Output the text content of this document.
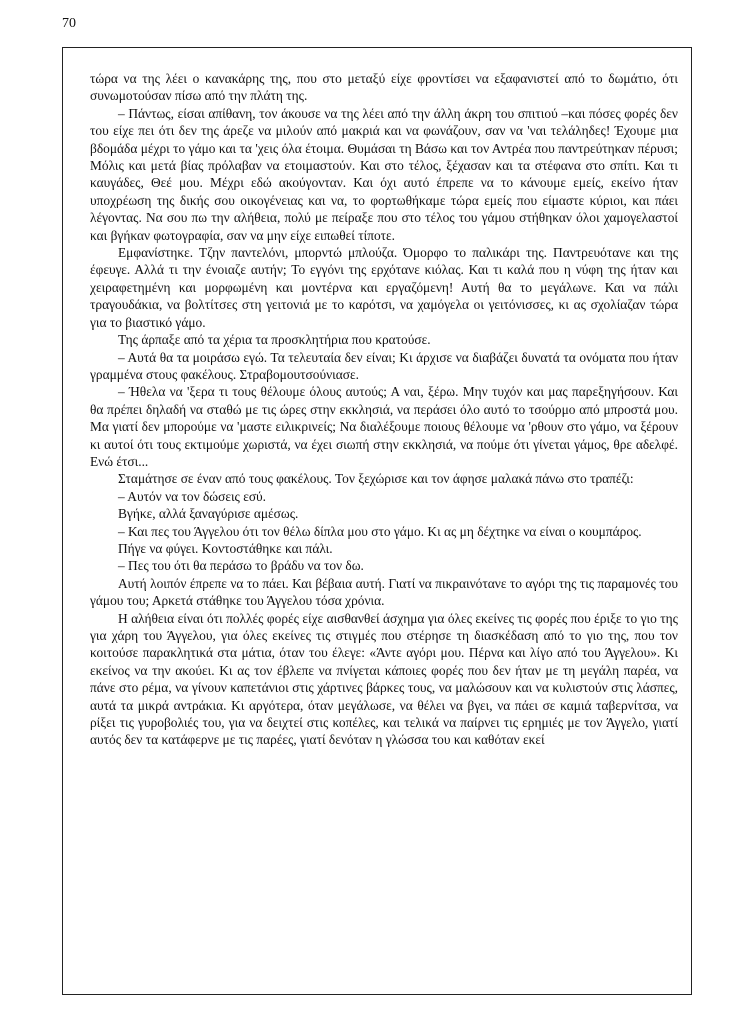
70

τώρα να της λέει ο κανακάρης της, που στο μεταξύ είχε φροντίσει να εξαφανιστεί από το δωμάτιο, ότι συνωμοτούσαν πίσω από την πλάτη της.

– Πάντως, είσαι απίθανη, τον άκουσε να της λέει από την άλλη άκρη του σπιτιού –και πόσες φορές δεν του είχε πει ότι δεν της άρεζε να μιλούν από μακριά και να φωνάζουν, σαν να 'ναι τελάληδες! Έχουμε μια βδομάδα μέχρι το γάμο και τα 'χεις όλα έτοιμα. Θυμάσαι τη Βάσω και τον Αντρέα που παντρεύτηκαν πέρυσι; Μόλις και μετά βίας πρόλαβαν να ετοιμαστούν. Και στο τέλος, ξέχασαν και τα στέφανα στο σπίτι. Και τι καυγάδες, Θεέ μου. Μέχρι εδώ ακούγονταν. Και όχι αυτό έπρεπε να το κάνουμε εμείς, εκείνο ήταν υποχρέωση της δικής σου οικογένειας και να, το φορτωθήκαμε τώρα εμείς που είμαστε κύριοι, και πάει λέγοντας. Να σου πω την αλήθεια, πολύ με πείραξε που στο τέλος του γάμου στήθηκαν όλοι χαμογελαστοί και βγήκαν φωτογραφία, σαν να μην είχε ειπωθεί τίποτε.

Εμφανίστηκε. Τζην παντελόνι, μπορντώ μπλούζα. Όμορφο το παλικάρι της. Παντρευότανε και της έφευγε. Αλλά τι την ένοιαζε αυτήν; Το εγγόνι της ερχότανε κιόλας. Και τι καλά που η νύφη της ήταν και χειραφετημένη και μορφωμένη και μοντέρνα και εργαζόμενη! Αυτή θα το μεγάλωνε. Και να πάλι τραγουδάκια, να βολτίτσες στη γειτονιά με το καρότσι, να χαμόγελα οι γειτόνισσες, κι ας σχολίαζαν τώρα για το βιαστικό γάμο.

Της άρπαξε από τα χέρια τα προσκλητήρια που κρατούσε.

– Αυτά θα τα μοιράσω εγώ. Τα τελευταία δεν είναι; Κι άρχισε να διαβάζει δυνατά τα ονόματα που ήταν γραμμένα στους φακέλους. Στραβομουτσούνιασε.

– Ήθελα να 'ξερα τι τους θέλουμε όλους αυτούς; Α ναι, ξέρω. Μην τυχόν και μας παρεξηγήσουν. Και θα πρέπει δηλαδή να σταθώ με τις ώρες στην εκκλησιά, να περάσει όλο αυτό το τσούρμο από μπροστά μου. Μα γιατί δεν μπορούμε να 'μαστε ειλικρινείς; Να διαλέξουμε ποιους θέλουμε να 'ρθουν στο γάμο, να ξέρουν κι αυτοί ότι τους εκτιμούμε χωριστά, να έχει σιωπή στην εκκλησιά, να πούμε ότι γίνεται γάμος, θρε αδελφέ. Ενώ έτσι...

Σταμάτησε σε έναν από τους φακέλους. Τον ξεχώρισε και τον άφησε μαλακά πάνω στο τραπέζι:

– Αυτόν να τον δώσεις εσύ.

Βγήκε, αλλά ξαναγύρισε αμέσως.

– Και πες του Άγγελου ότι τον θέλω δίπλα μου στο γάμο. Κι ας μη δέχτηκε να είναι ο κουμπάρος.

Πήγε να φύγει. Κοντοστάθηκε και πάλι.

– Πες του ότι θα περάσω το βράδυ να τον δω.

Αυτή λοιπόν έπρεπε να το πάει. Και βέβαια αυτή. Γιατί να πικραινότανε το αγόρι της τις παραμονές του γάμου του; Αρκετά στάθηκε του Άγγελου τόσα χρόνια.

Η αλήθεια είναι ότι πολλές φορές είχε αισθανθεί άσχημα για όλες εκείνες τις φορές που έριξε το γιο της για χάρη του Άγγελου, για όλες εκείνες τις στιγμές που στέρησε τη διασκέδαση από το γιο της, που τον κοιτούσε παρακλητικά στα μάτια, όταν του έλεγε: «Άντε αγόρι μου. Πέρνα και λίγο από του Άγγελου». Κι εκείνος να την ακούει. Κι ας τον έβλεπε να πνίγεται κάποιες φορές που δεν ήταν με τη μεγάλη παρέα, να πάνε στο ρέμα, να γίνουν καπετάνιοι στις χάρτινες βάρκες τους, να μαλώσουν και να κυλιστούν στις λάσπες, αυτά τα μικρά αντράκια. Κι αργότερα, όταν μεγάλωσε, να θέλει να βγει, να πάει σε καμιά ταβερνίτσα, να ρίξει τις γυροβολιές του, για να δειχτεί στις κοπέλες, και τελικά να παίρνει τις ερημιές με τον Άγγελο, γιατί αυτός δεν τα κατάφερνε με τις παρέες, γιατί δενόταν η γλώσσα του και καθόταν εκεί
